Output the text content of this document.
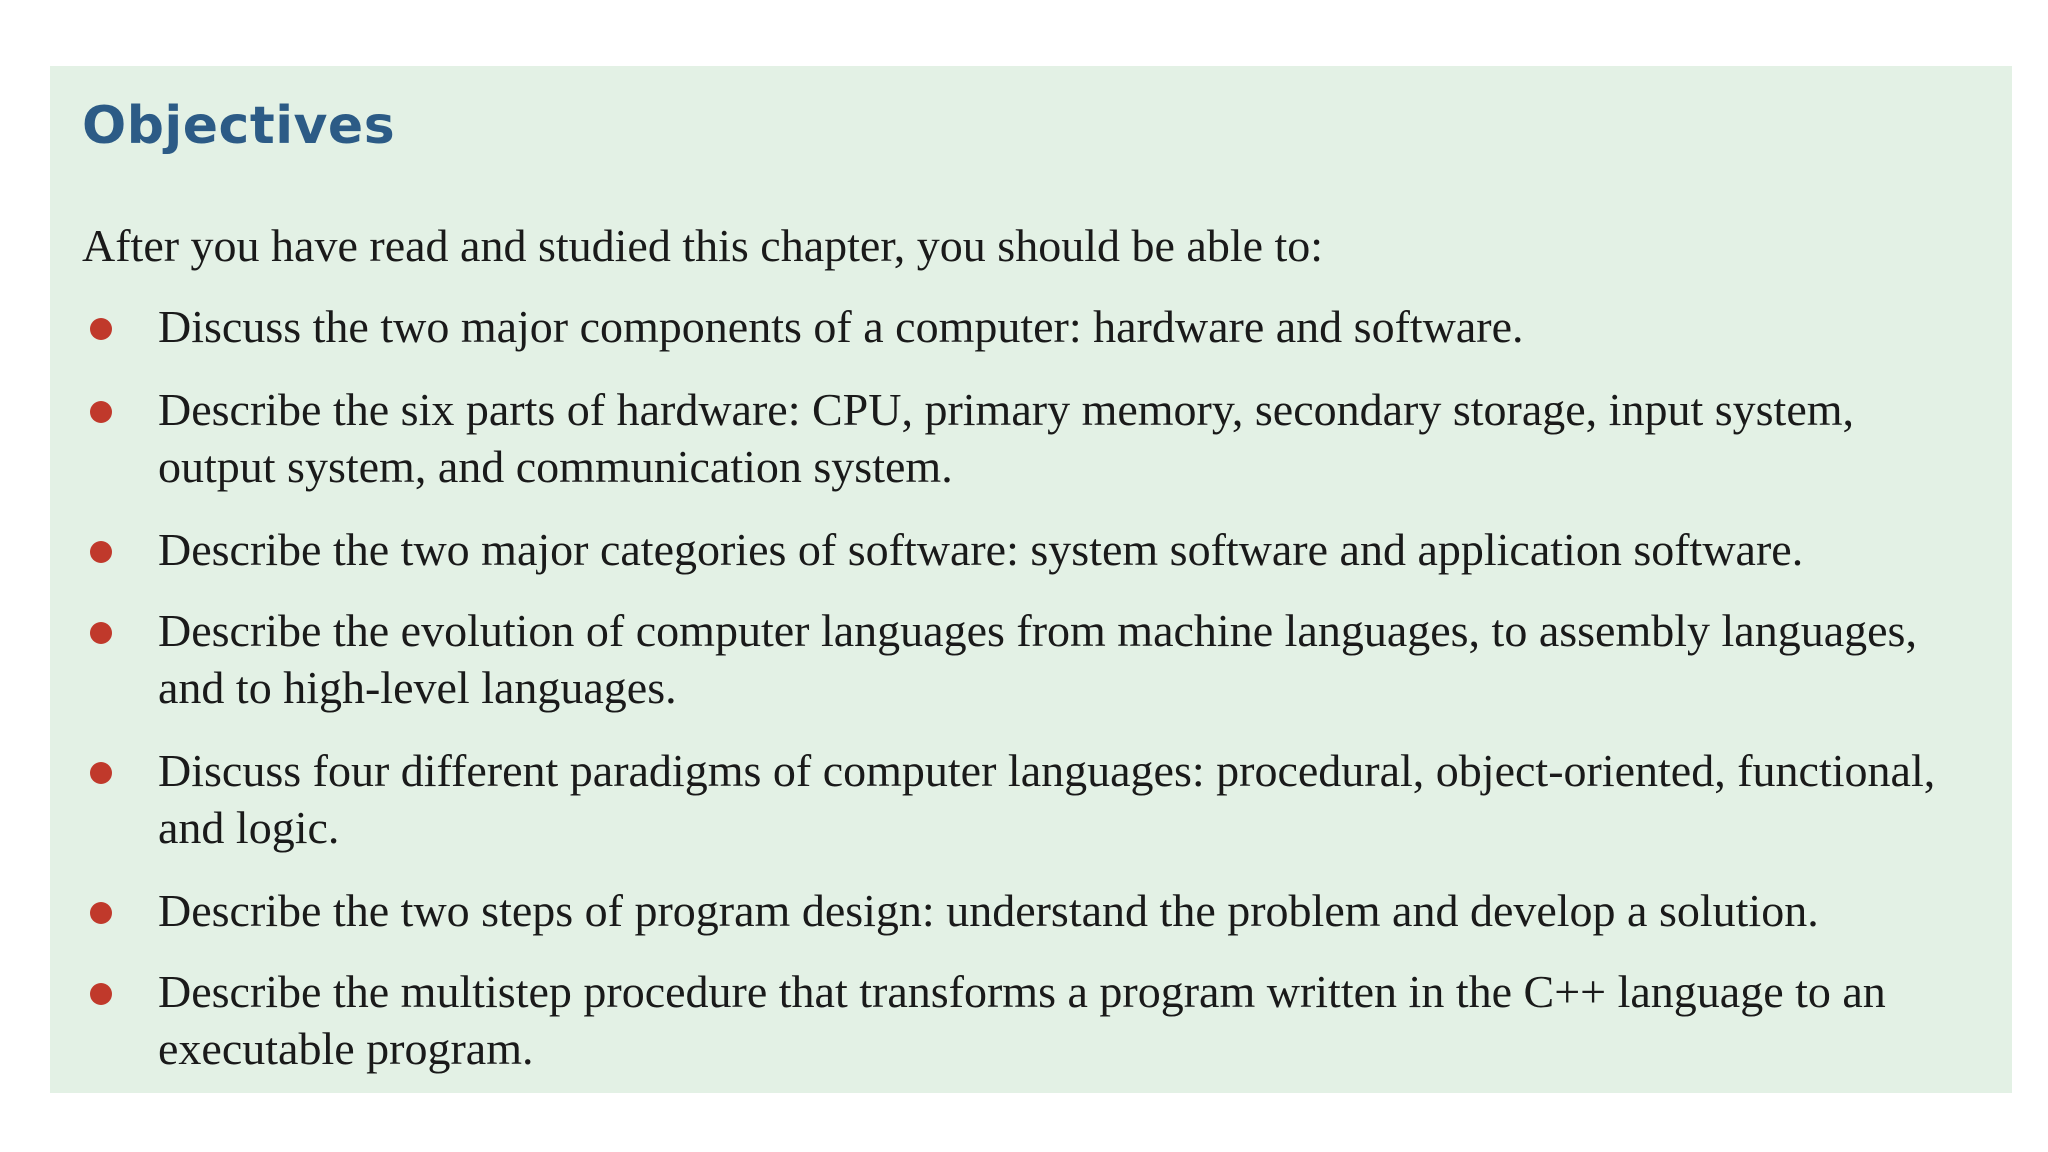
Objectives

After you have read and studied this chapter, you should be able to:

Discuss the two major components of a computer: hardware and software.
Describe the six parts of hardware: CPU, primary memory, secondary storage, input system, output system, and communication system.
Describe the two major categories of software: system software and application software.
Describe the evolution of computer languages from machine languages, to assembly languages, and to high-level languages.
Discuss four different paradigms of computer languages: procedural, object-oriented, functional, and logic.
Describe the two steps of program design: understand the problem and develop a solution.
Describe the multistep procedure that transforms a program written in the C++ language to an executable program.
